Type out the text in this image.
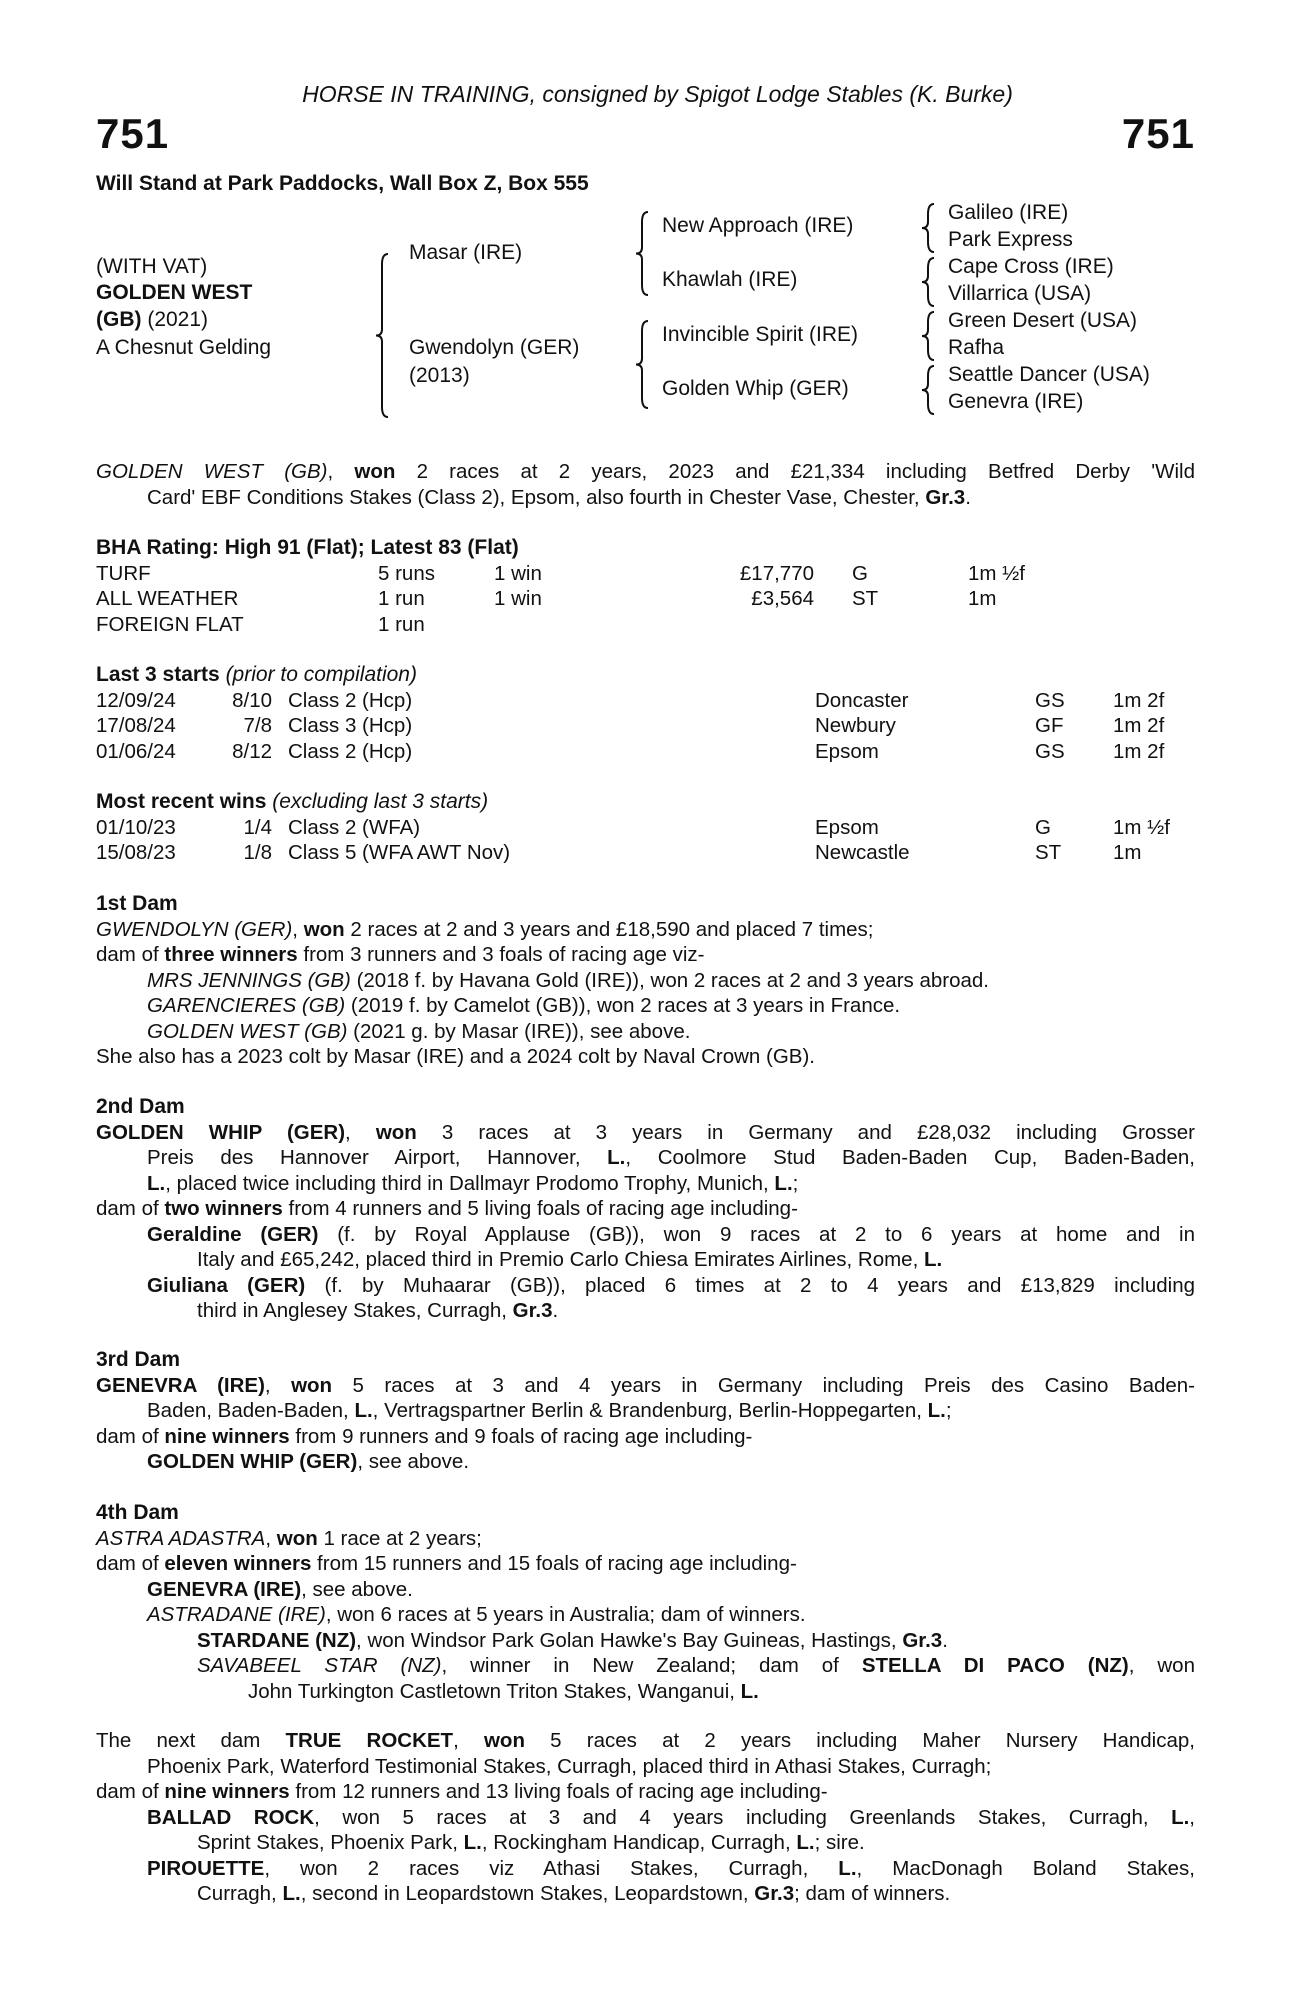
HORSE IN TRAINING, consigned by Spigot Lodge Stables (K. Burke)
751	751
Will Stand at Park Paddocks, Wall Box Z, Box 555
(WITH VAT)
GOLDEN WEST
(GB) (2021)
A Chesnut Gelding
Masar (IRE)
Gwendolyn (GER)
(2013)
New Approach (IRE)
Khawlah (IRE)
Invincible Spirit (IRE)
Golden Whip (GER)
Galileo (IRE)
Park Express
Cape Cross (IRE)
Villarrica (USA)
Green Desert (USA)
Rafha
Seattle Dancer (USA)
Genevra (IRE)
GOLDEN WEST (GB), won 2 races at 2 years, 2023 and £21,334 including Betfred Derby 'Wild
Card' EBF Conditions Stakes (Class 2), Epsom, also fourth in Chester Vase, Chester, Gr.3.
BHA Rating: High 91 (Flat); Latest 83 (Flat)
TURF	5 runs	1 win	£17,770 G	1m ½f
ALL WEATHER	1 run	1 win	£3,564 ST	1m
FOREIGN FLAT	1 run
Last 3 starts (prior to compilation)
12/09/24	8/10 Class 2 (Hcp)	Doncaster	GS 1m 2f
17/08/24	7/8 Class 3 (Hcp)	Newbury	GF 1m 2f
01/06/24	8/12 Class 2 (Hcp)	Epsom	GS 1m 2f
Most recent wins (excluding last 3 starts)
01/10/23	1/4 Class 2 (WFA)	Epsom	G	1m ½f
15/08/23	1/8 Class 5 (WFA AWT Nov)	Newcastle	ST	1m
1st Dam
GWENDOLYN (GER), won 2 races at 2 and 3 years and £18,590 and placed 7 times;
dam of three winners from 3 runners and 3 foals of racing age viz-
MRS JENNINGS (GB) (2018 f. by Havana Gold (IRE)), won 2 races at 2 and 3 years abroad.
GARENCIERES (GB) (2019 f. by Camelot (GB)), won 2 races at 3 years in France.
GOLDEN WEST (GB) (2021 g. by Masar (IRE)), see above.
She also has a 2023 colt by Masar (IRE) and a 2024 colt by Naval Crown (GB).
2nd Dam
GOLDEN WHIP (GER), won 3 races at 3 years in Germany and £28,032 including Grosser
Preis des Hannover Airport, Hannover, L., Coolmore Stud Baden-Baden Cup, Baden-Baden,
L., placed twice including third in Dallmayr Prodomo Trophy, Munich, L.;
dam of two winners from 4 runners and 5 living foals of racing age including-
Geraldine (GER) (f. by Royal Applause (GB)), won 9 races at 2 to 6 years at home and in
Italy and £65,242, placed third in Premio Carlo Chiesa Emirates Airlines, Rome, L.
Giuliana (GER) (f. by Muhaarar (GB)), placed 6 times at 2 to 4 years and £13,829 including
third in Anglesey Stakes, Curragh, Gr.3.
3rd Dam
GENEVRA (IRE), won 5 races at 3 and 4 years in Germany including Preis des Casino Baden-
Baden, Baden-Baden, L., Vertragspartner Berlin & Brandenburg, Berlin-Hoppegarten, L.;
dam of nine winners from 9 runners and 9 foals of racing age including-
GOLDEN WHIP (GER), see above.
4th Dam
ASTRA ADASTRA, won 1 race at 2 years;
dam of eleven winners from 15 runners and 15 foals of racing age including-
GENEVRA (IRE), see above.
ASTRADANE (IRE), won 6 races at 5 years in Australia; dam of winners.
STARDANE (NZ), won Windsor Park Golan Hawke's Bay Guineas, Hastings, Gr.3.
SAVABEEL STAR (NZ), winner in New Zealand; dam of STELLA DI PACO (NZ), won
John Turkington Castletown Triton Stakes, Wanganui, L.
The next dam TRUE ROCKET, won 5 races at 2 years including Maher Nursery Handicap,
Phoenix Park, Waterford Testimonial Stakes, Curragh, placed third in Athasi Stakes, Curragh;
dam of nine winners from 12 runners and 13 living foals of racing age including-
BALLAD ROCK, won 5 races at 3 and 4 years including Greenlands Stakes, Curragh, L.,
Sprint Stakes, Phoenix Park, L., Rockingham Handicap, Curragh, L.; sire.
PIROUETTE, won 2 races viz Athasi Stakes, Curragh, L., MacDonagh Boland Stakes,
Curragh, L., second in Leopardstown Stakes, Leopardstown, Gr.3; dam of winners.
